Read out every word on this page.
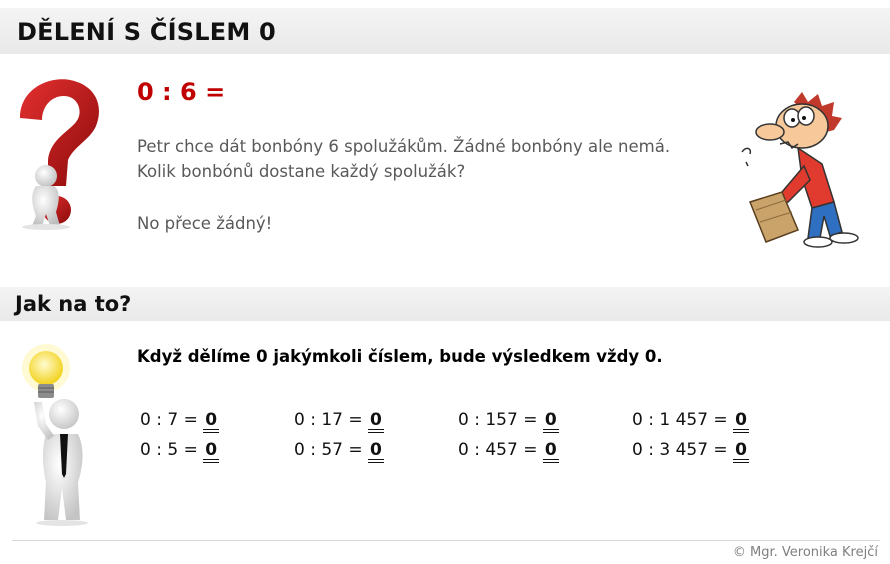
DĚLENÍ S ČÍSLEM 0
0 : 6 =
Petr chce dát bonbóny 6 spolužákům. Žádné bonbóny ale nemá.
Kolik bonbónů dostane každý spolužák?
No přece žádný!
Jak na to?
Když dělíme 0 jakýmkoli číslem, bude výsledkem vždy 0.
0 : 7 = 0
0 : 5 = 0
0 : 17 = 0
0 : 57 = 0
0 : 157 = 0
0 : 457 = 0
0 : 1 457 = 0
0 : 3 457 = 0
© Mgr. Veronika Krejčí
